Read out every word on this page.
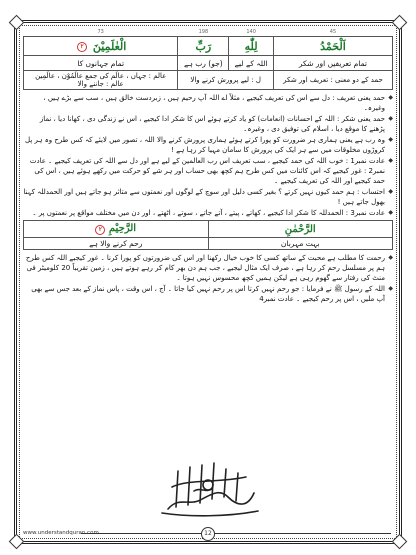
45	140	198	73
اَلْحَمْدُ	لِلّٰهِ	رَبِّ	الْعٰلَمِیْنَ ۲
تمام تعریفیں اور شکر	اللہ کے لیے	(جو) رب ہے	تمام جہانوں کا
حمد کے دو معنی : تعریف اور شکر	ل : لیے پرورش کرنے والا		عالم : جہاں ، عالَم کی جمع عالَمُوْن ، عالَمِین
عالم : جاننے والا
◆ حمد یعنی تعریف : دل سے اس کی تعریف کیجیے ، مثلاً اے اللہ آپ رحیم ہیں ، زبردست خالق ہیں ، سب سے بڑے ہیں ، وغیرہ۔
◆ حمد یعنی شکر : اللہ کے احسانات (انعامات) کو یاد کرتے ہوئے اس کا شکر ادا کیجیے ، اس نے زندگی دی ، کھانا دیا ، نماز پڑھنے کا موقع دیا ، اسلام کی توفیق دی ، وغیرہ۔
◆ وہ رب ہے یعنی ہماری ہر ضرورت کو پورا کرتے ہوئے ہماری پرورش کرنے والا اللہ ، تصور میں لایئے کہ کس طرح وہ ہر پل کروڑوں مخلوقات میں سے ہر ایک کی پرورش کا سامان مہیا کر رہا ہے !
◆ عادت نمبر1 : خوب اللہ کی حمد کیجیے ، سب تعریف اس رب العالمین کے لیے ہے اور دل سے اللہ کی تعریف کیجیے ۔ عادت نمبر2 : غور کیجیے کہ اس کائنات میں کس طرح ہم کچھ بھی حساب اور ہر شے کو حرکت میں رکھے ہوئے ہیں ، اس کی حمد کیجیے اور اللہ کی تعریف کیجیے ۔
◆ احتساب : ہم حمد کیوں نہیں کرتے ؟ بغیر کسی دلیل اور سوچ کے لوگوں اور نعمتوں سے متاثر ہو جاتے ہیں اور الحمدللہ کہنا بھول جاتے ہیں !
◆ عادت نمبر3 : الحمدللہ کا شکر ادا کیجیے ، کھاتے ، پیتے ، آتے جاتے ، سوتے ، اٹھتے ، اور دن میں مختلف مواقع پر نعمتوں پر ۔
الرَّحْمٰنِ	الرَّحِيْمِ ۲
بہت مہربان	رحم کرنے والا ہے
◆ رحمت کا مطلب ہے محبت کے ساتھ کسی کا خوب خیال رکھنا اور اس کی ضرورتوں کو پورا کرنا ۔ غور کیجیے اللہ کس طرح ہم پر مسلسل رحم کر رہا ہے ، صرف ایک مثال لیجیے ، جب ہم دن بھر کام کر رہے ہوتے ہیں ، زمین تقریباً 20 کلومیٹر فی منٹ کی رفتار سے گھوم رہی ہے لیکن ہمیں کچھ محسوس نہیں ہوتا ۔
◆ اللہ کے رسول ﷺ نے فرمایا : جو رحم نہیں کرتا اس پر رحم نہیں کیا جاتا ۔ آج ، اس وقت ، پاس نماز کے بعد جس سے بھی آپ ملیں ، اس پر رحم کیجیے ۔ عادت نمبر4
www.understandquran.com	12
